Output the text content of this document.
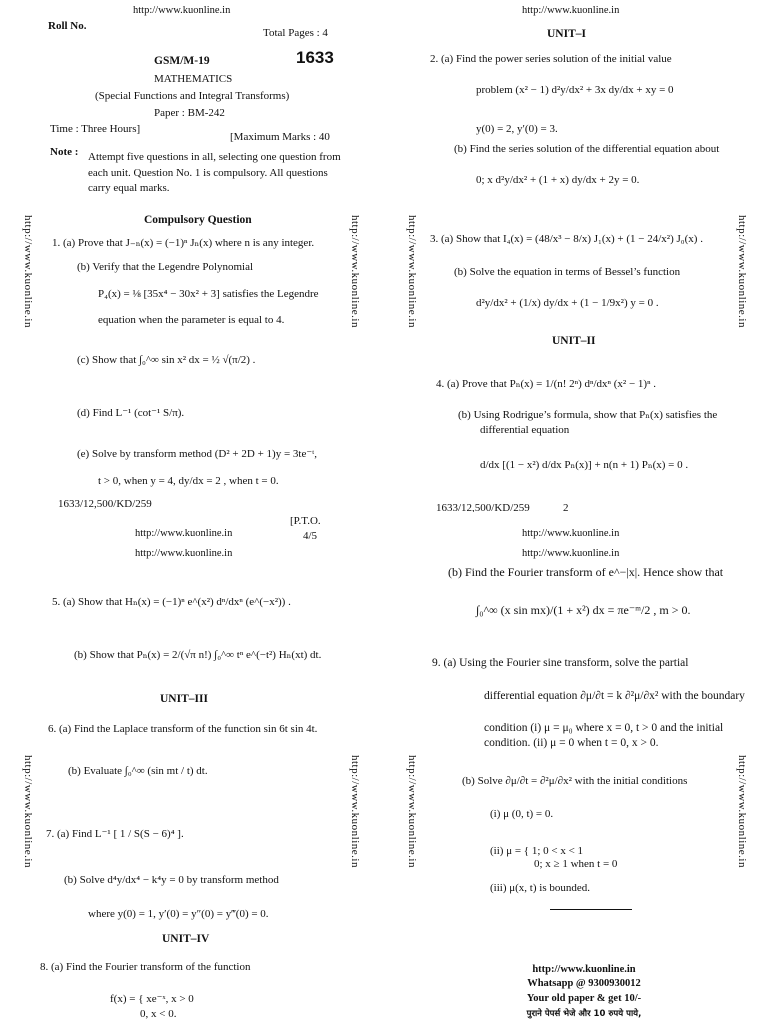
http://www.kuonline.in
Roll No.
Total Pages : 4
GSM/M-19	1633
MATHEMATICS
(Special Functions and Integral Transforms)
Paper : BM-242
Time : Three Hours]
[Maximum Marks : 40
Note : Attempt five questions in all, selecting one question from
each unit. Question No. 1 is compulsory. All questions
carry equal marks.
Compulsory Question
1. (a) Prove that J₋ₙ(x) = (−1)ⁿ Jₙ(x) where n is any integer.
(b) Verify that the Legendre Polynomial
P₄(x) = ⅛ [35x⁴ − 30x² + 3] satisfies the Legendre
equation when the parameter is equal to 4.
(c) Show that ∫₀^∞ sin x² dx = ½ √(π/2) .
(d) Find L⁻¹ (cot⁻¹ S/π).
(e) Solve by transform method (D² + 2D + 1)y = 3te⁻ᵗ,
t > 0, when y = 4, dy/dx = 2 , when t = 0.
1633/12,500/KD/259
[P.T.O.
4/5
http://www.kuonline.in
http://www.kuonline.in
UNIT–I
2. (a) Find the power series solution of the initial value
problem (x² − 1) d²y/dx² + 3x dy/dx + xy = 0
y(0) = 2, y′(0) = 3.
(b) Find the series solution of the differential equation about
0; x d²y/dx² + (1 + x) dy/dx + 2y = 0.
3. (a) Show that I₄(x) = (48/x³ − 8/x) J₁(x) + (1 − 24/x²) J₀(x) .
(b) Solve the equation in terms of Bessel’s function
d²y/dx² + (1/x) dy/dx + (1 − 1/9x²) y = 0 .
UNIT–II
4. (a) Prove that Pₙ(x) = 1/(n! 2ⁿ) dⁿ/dxⁿ (x² − 1)ⁿ .
(b) Using Rodrigue’s formula, show that Pₙ(x) satisfies the
differential equation
d/dx [(1 − x²) d/dx Pₙ(x)] + n(n + 1) Pₙ(x) = 0 .
1633/12,500/KD/259	2
http://www.kuonline.in
http://www.kuonline.in
5. (a) Show that Hₙ(x) = (−1)ⁿ e^(x²) dⁿ/dxⁿ (e^(−x²)) .
(b) Show that Pₙ(x) = 2/(√π n!) ∫₀^∞ tⁿ e^(−t²) Hₙ(xt) dt.
UNIT–III
6. (a) Find the Laplace transform of the function sin 6t sin 4t.
(b) Evaluate ∫₀^∞ (sin mt / t) dt.
7. (a) Find L⁻¹ [ 1 / S(S − 6)⁴ ].
(b) Solve d⁴y/dx⁴ − k⁴y = 0 by transform method
where y(0) = 1, y′(0) = y″(0) = y‴(0) = 0.
UNIT–IV
8. (a) Find the Fourier transform of the function
f(x) = { xe⁻ˣ, x > 0
0, x < 0.
http://www.kuonline.in
(b) Find the Fourier transform of e^−|x|. Hence show that
∫₀^∞ (x sin mx)/(1 + x²) dx = πe⁻ᵐ/2 , m > 0.
9. (a) Using the Fourier sine transform, solve the partial
differential equation ∂μ/∂t = k ∂²μ/∂x² with the boundary
condition (i) μ = μ₀ where x = 0, t > 0 and the initial
condition. (ii) μ = 0 when t = 0, x > 0.
(b) Solve ∂μ/∂t = ∂²μ/∂x² with the initial conditions
(i) μ (0, t) = 0.
(ii) μ = { 1; 0 < x < 1
0; x ≥ 1 when t = 0
(iii) μ(x, t) is bounded.
http://www.kuonline.in
Whatsapp @ 9300930012
Your old paper & get 10/-
पुराने पेपर्स भेजे और 10 रुपये पाये,
http://www.kuonline.in	http://www.kuonline.in	http://www.kuonline.in	http://www.kuonline.in
http://www.kuonline.in	http://www.kuonline.in	http://www.kuonline.in	http://www.kuonline.in
